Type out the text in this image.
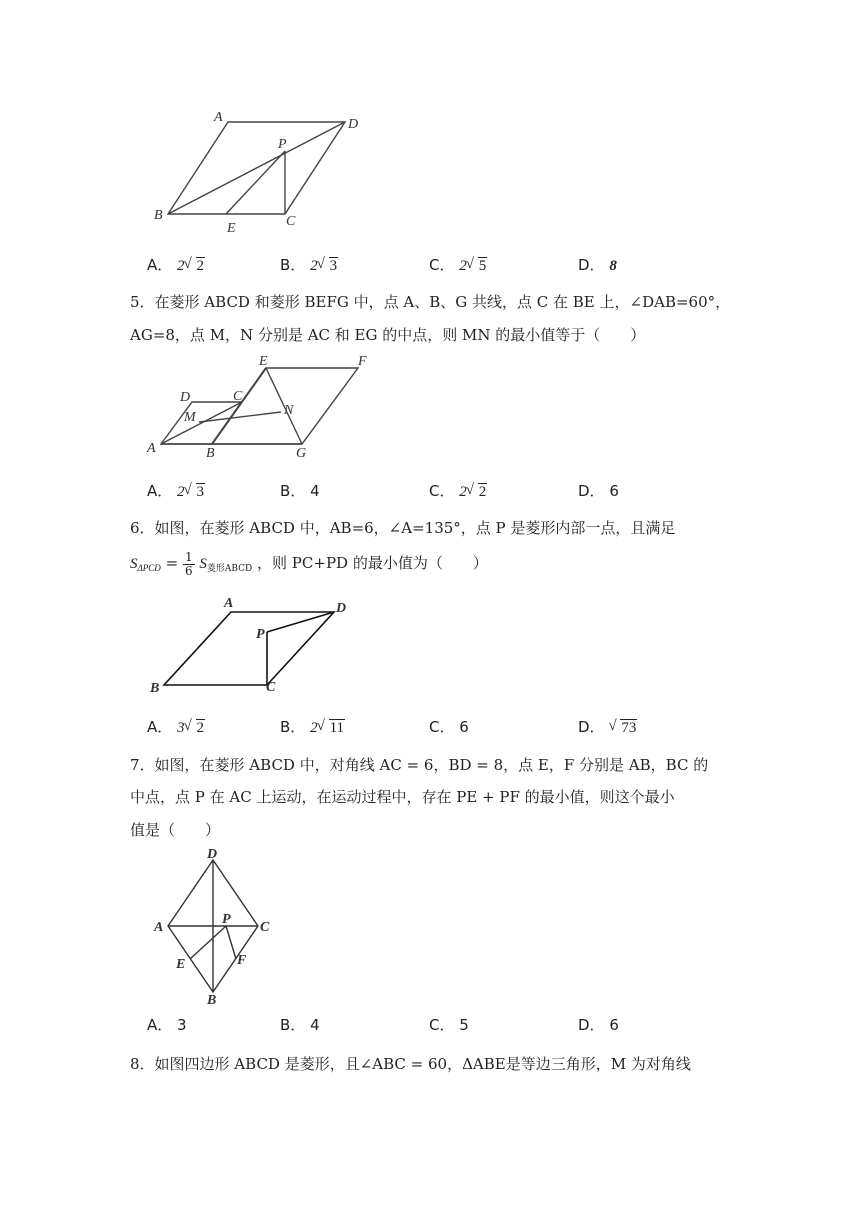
A	D
P
B
E	C
A． 2 √ 2	B． 2 √ 3	C． 2 √ 5	D． 8
5．在菱形 ABCD 和菱形 BEFG 中，点 A、B、G 共线，点 C 在 BE 上，∠DAB=60°，
AG=8，点 M，N 分别是 AC 和 EG 的中点，则 MN 的最小值等于（　　）
D	C
E	F
M	N
A	B	G
A． 2 √ 3	B． 4	C． 2 √ 2	D． 6
6．如图，在菱形 ABCD 中，AB=6，∠A=135°，点 P 是菱形内部一点，且满足
$S_{\Delta PCD} = \frac{1}{6} S_{菱形ABCD}$ ，则 PC+PD 的最小值为（　　）
A	D
P
B	C
A． 3 √ 2	B． 2 √ 11	C． 6	D． √ 73
7．如图，在菱形 ABCD 中，对角线 AC = 6，BD = 8，点 E，F 分别是 AB，BC 的
中点，点 P 在 AC 上运动，在运动过程中，存在 PE + PF 的最小值，则这个最小
值是（　　）
D
A
P
C
E	F
B
A． 3	B． 4	C． 5	D． 6
8．如图四边形 ABCD 是菱形，且∠ABC = 60，ΔABE是等边三角形，M 为对角线
